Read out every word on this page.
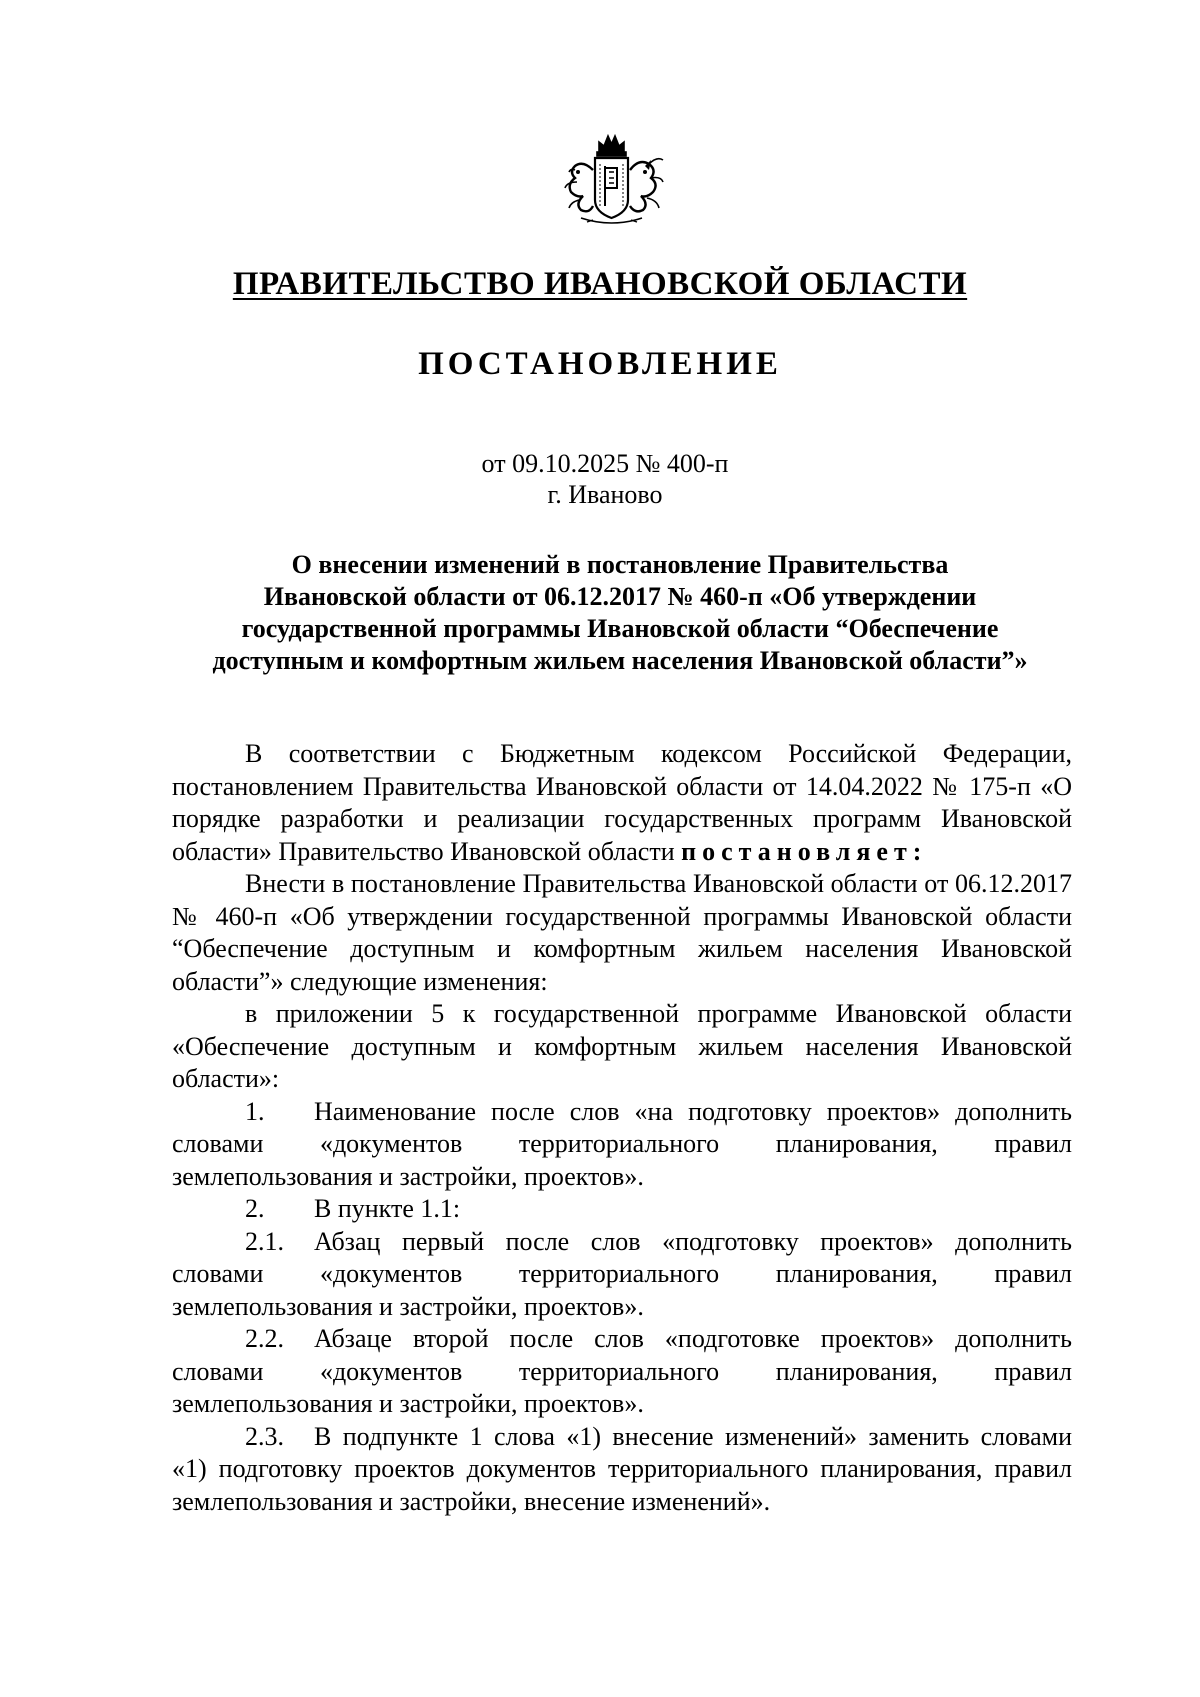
ПРАВИТЕЛЬСТВО ИВАНОВСКОЙ ОБЛАСТИ
ПОСТАНОВЛЕНИЕ
от 09.10.2025 № 400-п
г. Иваново
О внесении изменений в постановление Правительства
Ивановской области от 06.12.2017 № 460-п «Об утверждении
государственной программы Ивановской области “Обеспечение
доступным и комфортным жильем населения Ивановской области”»

В соответствии с Бюджетным кодексом Российской Федерации, постановлением Правительства Ивановской области от 14.04.2022 № 175-п «О порядке разработки и реализации государственных программ Ивановской области» Правительство Ивановской области постановляет:

Внести в постановление Правительства Ивановской области от 06.12.2017 № 460-п «Об утверждении государственной программы Ивановской области “Обеспечение доступным и комфортным жильем населения Ивановской области”» следующие изменения:

в приложении 5 к государственной программе Ивановской области «Обеспечение доступным и комфортным жильем населения Ивановской области»:

1. Наименование после слов «на подготовку проектов» дополнить словами «документов территориального планирования, правил землепользования и застройки, проектов».

2. В пункте 1.1:

2.1. Абзац первый после слов «подготовку проектов» дополнить словами «документов территориального планирования, правил землепользования и застройки, проектов».

2.2. Абзаце второй после слов «подготовке проектов» дополнить словами «документов территориального планирования, правил землепользования и застройки, проектов».

2.3. В подпункте 1 слова «1) внесение изменений» заменить словами «1) подготовку проектов документов территориального планирования, правил землепользования и застройки, внесение изменений».
